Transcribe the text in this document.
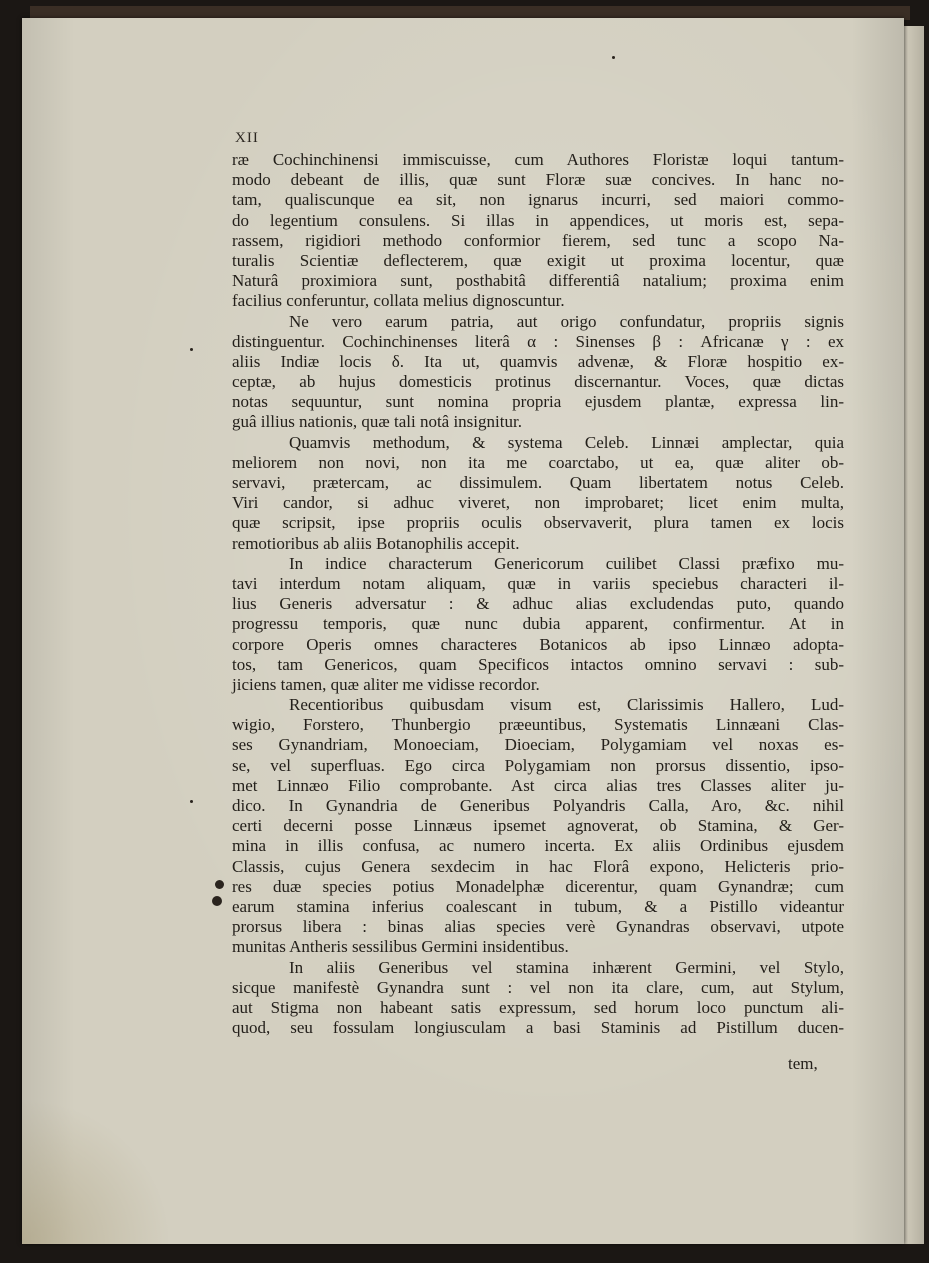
XII
ræ Cochinchinensi immiscuisse, cum Authores Floristæ loqui tantum-
modo debeant de illis, quæ sunt Floræ suæ concives. In hanc no-
tam, qualiscunque ea sit, non ignarus incurri, sed maiori commo-
do legentium consulens. Si illas in appendices, ut moris est, sepa-
rassem, rigidiori methodo conformior fierem, sed tunc a scopo Na-
turalis Scientiæ deflecterem, quæ exigit ut proxima locentur, quæ
Naturâ proximiora sunt, posthabitâ differentiâ natalium; proxima enim
facilius conferuntur, collata melius dignoscuntur.
Ne vero earum patria, aut origo confundatur, propriis signis
distinguentur. Cochinchinenses literâ α : Sinenses β : Africanæ γ : ex
aliis Indiæ locis δ. Ita ut, quamvis advenæ, & Floræ hospitio ex-
ceptæ, ab hujus domesticis protinus discernantur. Voces, quæ dictas
notas sequuntur, sunt nomina propria ejusdem plantæ, expressa lin-
guâ illius nationis, quæ tali notâ insignitur.
Quamvis methodum, & systema Celeb. Linnæi amplectar, quia
meliorem non novi, non ita me coarctabo, ut ea, quæ aliter ob-
servavi, prætercam, ac dissimulem. Quam libertatem notus Celeb.
Viri candor, si adhuc viveret, non improbaret; licet enim multa,
quæ scripsit, ipse propriis oculis observaverit, plura tamen ex locis
remotioribus ab aliis Botanophilis accepit.
In indice characterum Genericorum cuilibet Classi præfixo mu-
tavi interdum notam aliquam, quæ in variis speciebus characteri il-
lius Generis adversatur : & adhuc alias excludendas puto, quando
progressu temporis, quæ nunc dubia apparent, confirmentur. At in
corpore Operis omnes characteres Botanicos ab ipso Linnæo adopta-
tos, tam Genericos, quam Specificos intactos omnino servavi : sub-
jiciens tamen, quæ aliter me vidisse recordor.
Recentioribus quibusdam visum est, Clarissimis Hallero, Lud-
wigio, Forstero, Thunbergio præeuntibus, Systematis Linnæani Clas-
ses Gynandriam, Monoeciam, Dioeciam, Polygamiam vel noxas es-
se, vel superfluas. Ego circa Polygamiam non prorsus dissentio, ipso-
met Linnæo Filio comprobante. Ast circa alias tres Classes aliter ju-
dico. In Gynandria de Generibus Polyandris Calla, Aro, &c. nihil
certi decerni posse Linnæus ipsemet agnoverat, ob Stamina, & Ger-
mina in illis confusa, ac numero incerta. Ex aliis Ordinibus ejusdem
Classis, cujus Genera sexdecim in hac Florâ expono, Helicteris prio-
res duæ species potius Monadelphæ dicerentur, quam Gynandræ; cum
earum stamina inferius coalescant in tubum, & a Pistillo videantur
prorsus libera : binas alias species verè Gynandras observavi, utpote
munitas Antheris sessilibus Germini insidentibus.
In aliis Generibus vel stamina inhærent Germini, vel Stylo,
sicque manifestè Gynandra sunt : vel non ita clare, cum, aut Stylum,
aut Stigma non habeant satis expressum, sed horum loco punctum ali-
quod, seu fossulam longiusculam a basi Staminis ad Pistillum ducen-
tem,
